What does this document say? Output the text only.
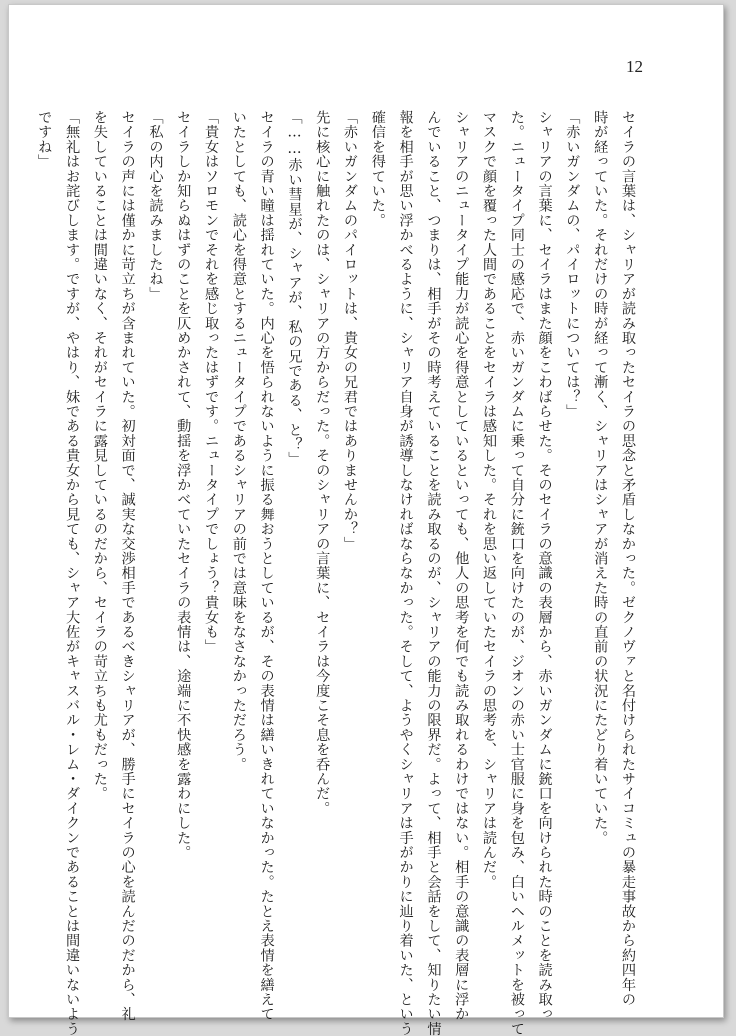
12
セイラの言葉は、シャリアが読み取ったセイラの思念と矛盾しなかった。ゼクノヴァと名付けられたサイコミュの暴走事故から約四年の
時が経っていた。それだけの時が経って漸く、シャリアはシャアが消えた時の直前の状況にたどり着いていた。
「赤いガンダムの、パイロットについては？」
シャリアの言葉に、セイラはまた顔をこわばらせた。そのセイラの意識の表層から、赤いガンダムに銃口を向けられた時のことを読み取っ
た。ニュータイプ同士の感応で、赤いガンダムに乗って自分に銃口を向けたのが、ジオンの赤い士官服に身を包み、白いヘルメットを被って
マスクで顔を覆った人間であることをセイラは感知した。それを思い返していたセイラの思考を、シャリアは読んだ。
シャリアのニュータイプ能力が読心を得意としているといっても、他人の思考を何でも読み取れるわけではない。相手の意識の表層に浮か
んでいること、つまりは、相手がその時考えていることを読み取るのが、シャリアの能力の限界だ。よって、相手と会話をして、知りたい情
報を相手が思い浮かべるように、シャリア自身が誘導しなければならなかった。そして、ようやくシャリアは手がかりに辿り着いた、という
確信を得ていた。
「赤いガンダムのパイロットは、貴女の兄君ではありませんか？」
先に核心に触れたのは、シャリアの方からだった。そのシャリアの言葉に、セイラは今度こそ息を呑んだ。
「……赤い彗星が、シャアが、私の兄である、と？」
セイラの青い瞳は揺れていた。内心を悟られないように振る舞おうとしているが、その表情は繕いきれていなかった。たとえ表情を繕えて
いたとしても、読心を得意とするニュータイプであるシャリアの前では意味をなさなかっただろう。
「貴女はソロモンでそれを感じ取ったはずです。ニュータイプでしょう？貴女も」
セイラしか知らぬはずのことを仄めかされて、動揺を浮かべていたセイラの表情は、途端に不快感を露わにした。
「私の内心を読みましたね」
セイラの声には僅かに苛立ちが含まれていた。初対面で、誠実な交渉相手であるべきシャリアが、勝手にセイラの心を読んだのだから、礼
を失していることは間違いなく、それがセイラに露見しているのだから、セイラの苛立ちも尤もだった。
「無礼はお詫びします。ですが、やはり、妹である貴女から見ても、シャア大佐がキャスバル・レム・ダイクンであることは間違いないよう
ですね」
